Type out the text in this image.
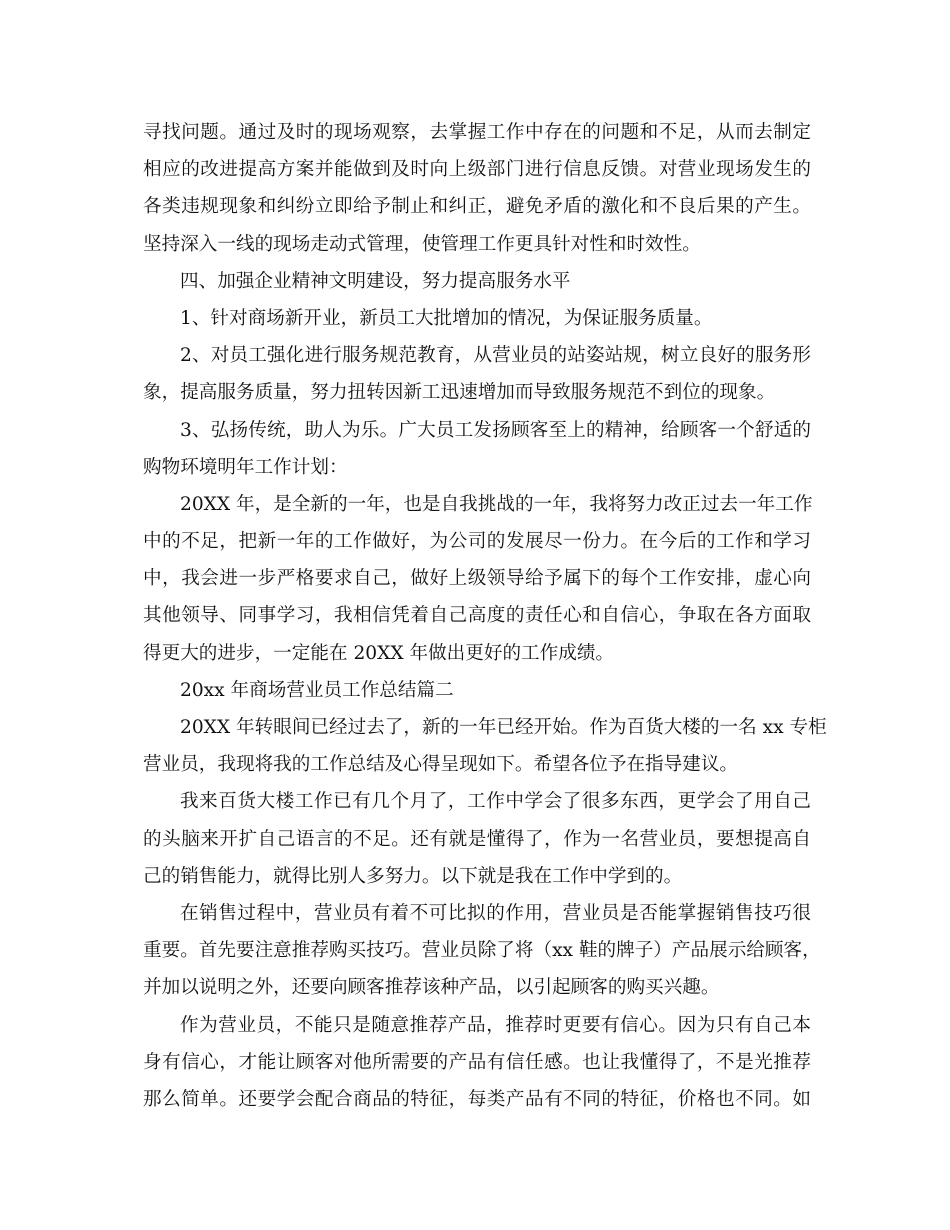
寻找问题。通过及时的现场观察，去掌握工作中存在的问题和不足，从而去制定
相应的改进提高方案并能做到及时向上级部门进行信息反馈。对营业现场发生的
各类违规现象和纠纷立即给予制止和纠正，避免矛盾的激化和不良后果的产生。
坚持深入一线的现场走动式管理，使管理工作更具针对性和时效性。
四、加强企业精神文明建设，努力提高服务水平
1、针对商场新开业，新员工大批增加的情况，为保证服务质量。
2、对员工强化进行服务规范教育，从营业员的站姿站规，树立良好的服务形
象，提高服务质量，努力扭转因新工迅速增加而导致服务规范不到位的现象。
3、弘扬传统，助人为乐。广大员工发扬顾客至上的精神，给顾客一个舒适的
购物环境明年工作计划：
20XX 年，是全新的一年，也是自我挑战的一年，我将努力改正过去一年工作
中的不足，把新一年的工作做好，为公司的发展尽一份力。在今后的工作和学习
中，我会进一步严格要求自己，做好上级领导给予属下的每个工作安排，虚心向
其他领导、同事学习，我相信凭着自己高度的责任心和自信心，争取在各方面取
得更大的进步，一定能在 20XX 年做出更好的工作成绩。
20xx 年商场营业员工作总结篇二
20XX 年转眼间已经过去了，新的一年已经开始。作为百货大楼的一名 xx 专柜
营业员，我现将我的工作总结及心得呈现如下。希望各位予在指导建议。
我来百货大楼工作已有几个月了，工作中学会了很多东西，更学会了用自己
的头脑来开扩自己语言的不足。还有就是懂得了，作为一名营业员，要想提高自
己的销售能力，就得比别人多努力。以下就是我在工作中学到的。
在销售过程中，营业员有着不可比拟的作用，营业员是否能掌握销售技巧很
重要。首先要注意推荐购买技巧。营业员除了将（xx 鞋的牌子）产品展示给顾客，
并加以说明之外，还要向顾客推荐该种产品，以引起顾客的购买兴趣。
作为营业员，不能只是随意推荐产品，推荐时更要有信心。因为只有自己本
身有信心，才能让顾客对他所需要的产品有信任感。也让我懂得了，不是光推荐
那么简单。还要学会配合商品的特征，每类产品有不同的特征，价格也不同。如
